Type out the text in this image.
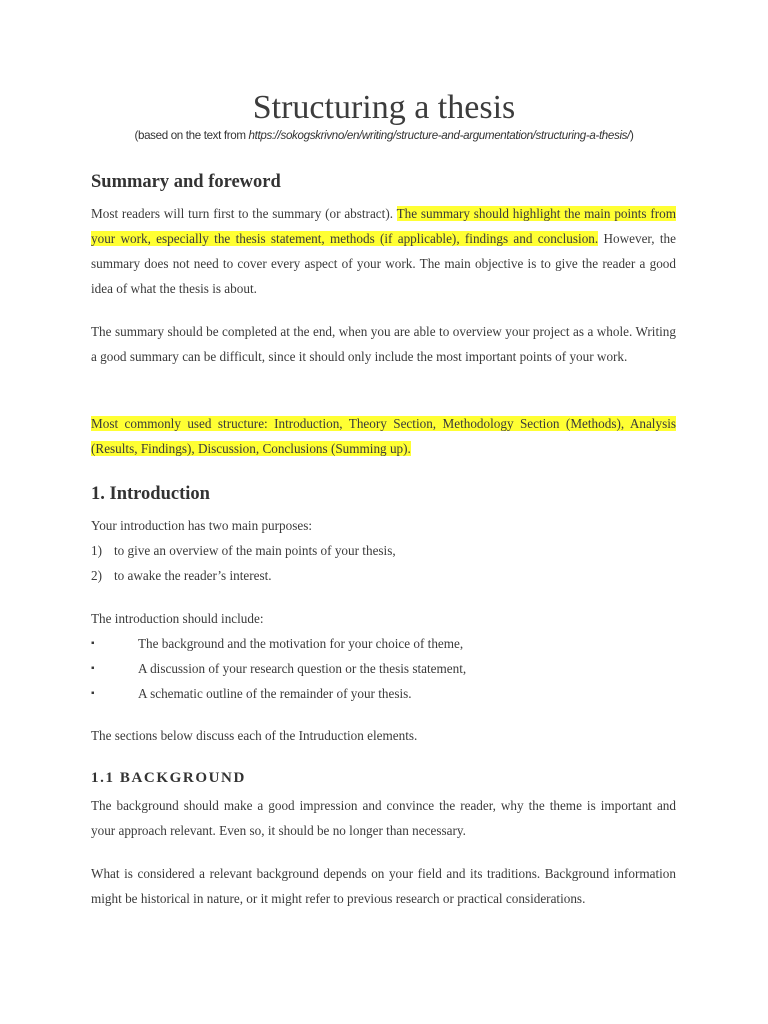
Structuring a thesis
(based on the text from https://sokogskrivno/en/writing/structure-and-argumentation/structuring-a-thesis/)
Summary and foreword

Most readers will turn first to the summary (or abstract). The summary should highlight the main points from your work, especially the thesis statement, methods (if applicable), findings and conclusion. However, the summary does not need to cover every aspect of your work. The main objective is to give the reader a good idea of what the thesis is about.

The summary should be completed at the end, when you are able to overview your project as a whole. Writing a good summary can be difficult, since it should only include the most important points of your work.

Most commonly used structure: Introduction, Theory Section, Methodology Section (Methods), Analysis (Results, Findings), Discussion, Conclusions (Summing up).

1. Introduction
Your introduction has two main purposes:
1) to give an overview of the main points of your thesis,
2) to awake the reader’s interest.
The introduction should include:
▪	The background and the motivation for your choice of theme,
▪	A discussion of your research question or the thesis statement,
▪	A schematic outline of the remainder of your thesis.
The sections below discuss each of the Intruduction elements.
1.1 BACKGROUND

The background should make a good impression and convince the reader, why the theme is important and your approach relevant. Even so, it should be no longer than necessary.

What is considered a relevant background depends on your field and its traditions. Background information might be historical in nature, or it might refer to previous research or practical considerations.
